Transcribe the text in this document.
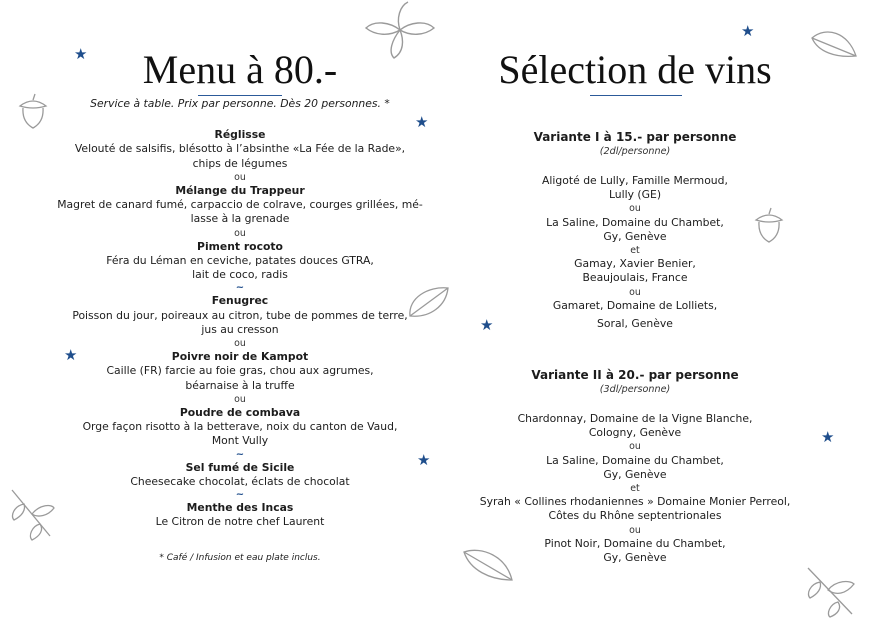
★
★
★
★
★
★
★
Menu à 80.-

Service à table. Prix par personne. Dès 20 personnes. *

Réglisse

Velouté de salsifis, blésotto à l’absinthe «La Fée de la Rade»,

chips de légumes

ou

Mélange du Trappeur

Magret de canard fumé, carpaccio de colrave, courges grillées, mé-

lasse à la grenade

ou

Piment rocoto

Féra du Léman en ceviche, patates douces GTRA,

lait de coco, radis

~

Fenugrec

Poisson du jour, poireaux au citron, tube de pommes de terre,

jus au cresson

ou

Poivre noir de Kampot

Caille (FR) farcie au foie gras, chou aux agrumes,

béarnaise à la truffe

ou

Poudre de combava

Orge façon risotto à la betterave, noix du canton de Vaud,

Mont Vully

~

Sel fumé de Sicile

Cheesecake chocolat, éclats de chocolat

~

Menthe des Incas

Le Citron de notre chef Laurent

* Café / Infusion et eau plate inclus.

Sélection de vins

Variante I à 15.- par personne

(2dl/personne)

Aligoté de Lully, Famille Mermoud,

Lully (GE)

ou

La Saline, Domaine du Chambet,

Gy, Genève

et

Gamay, Xavier Benier,

Beaujoulais, France

ou

Gamaret, Domaine de Lolliets,

Soral, Genève

Variante II à 20.- par personne

(3dl/personne)

Chardonnay, Domaine de la Vigne Blanche,

Cologny, Genève

ou

La Saline, Domaine du Chambet,

Gy, Genève

et

Syrah « Collines rhodaniennes » Domaine Monier Perreol,

Côtes du Rhône septentrionales

ou

Pinot Noir, Domaine du Chambet,

Gy, Genève
